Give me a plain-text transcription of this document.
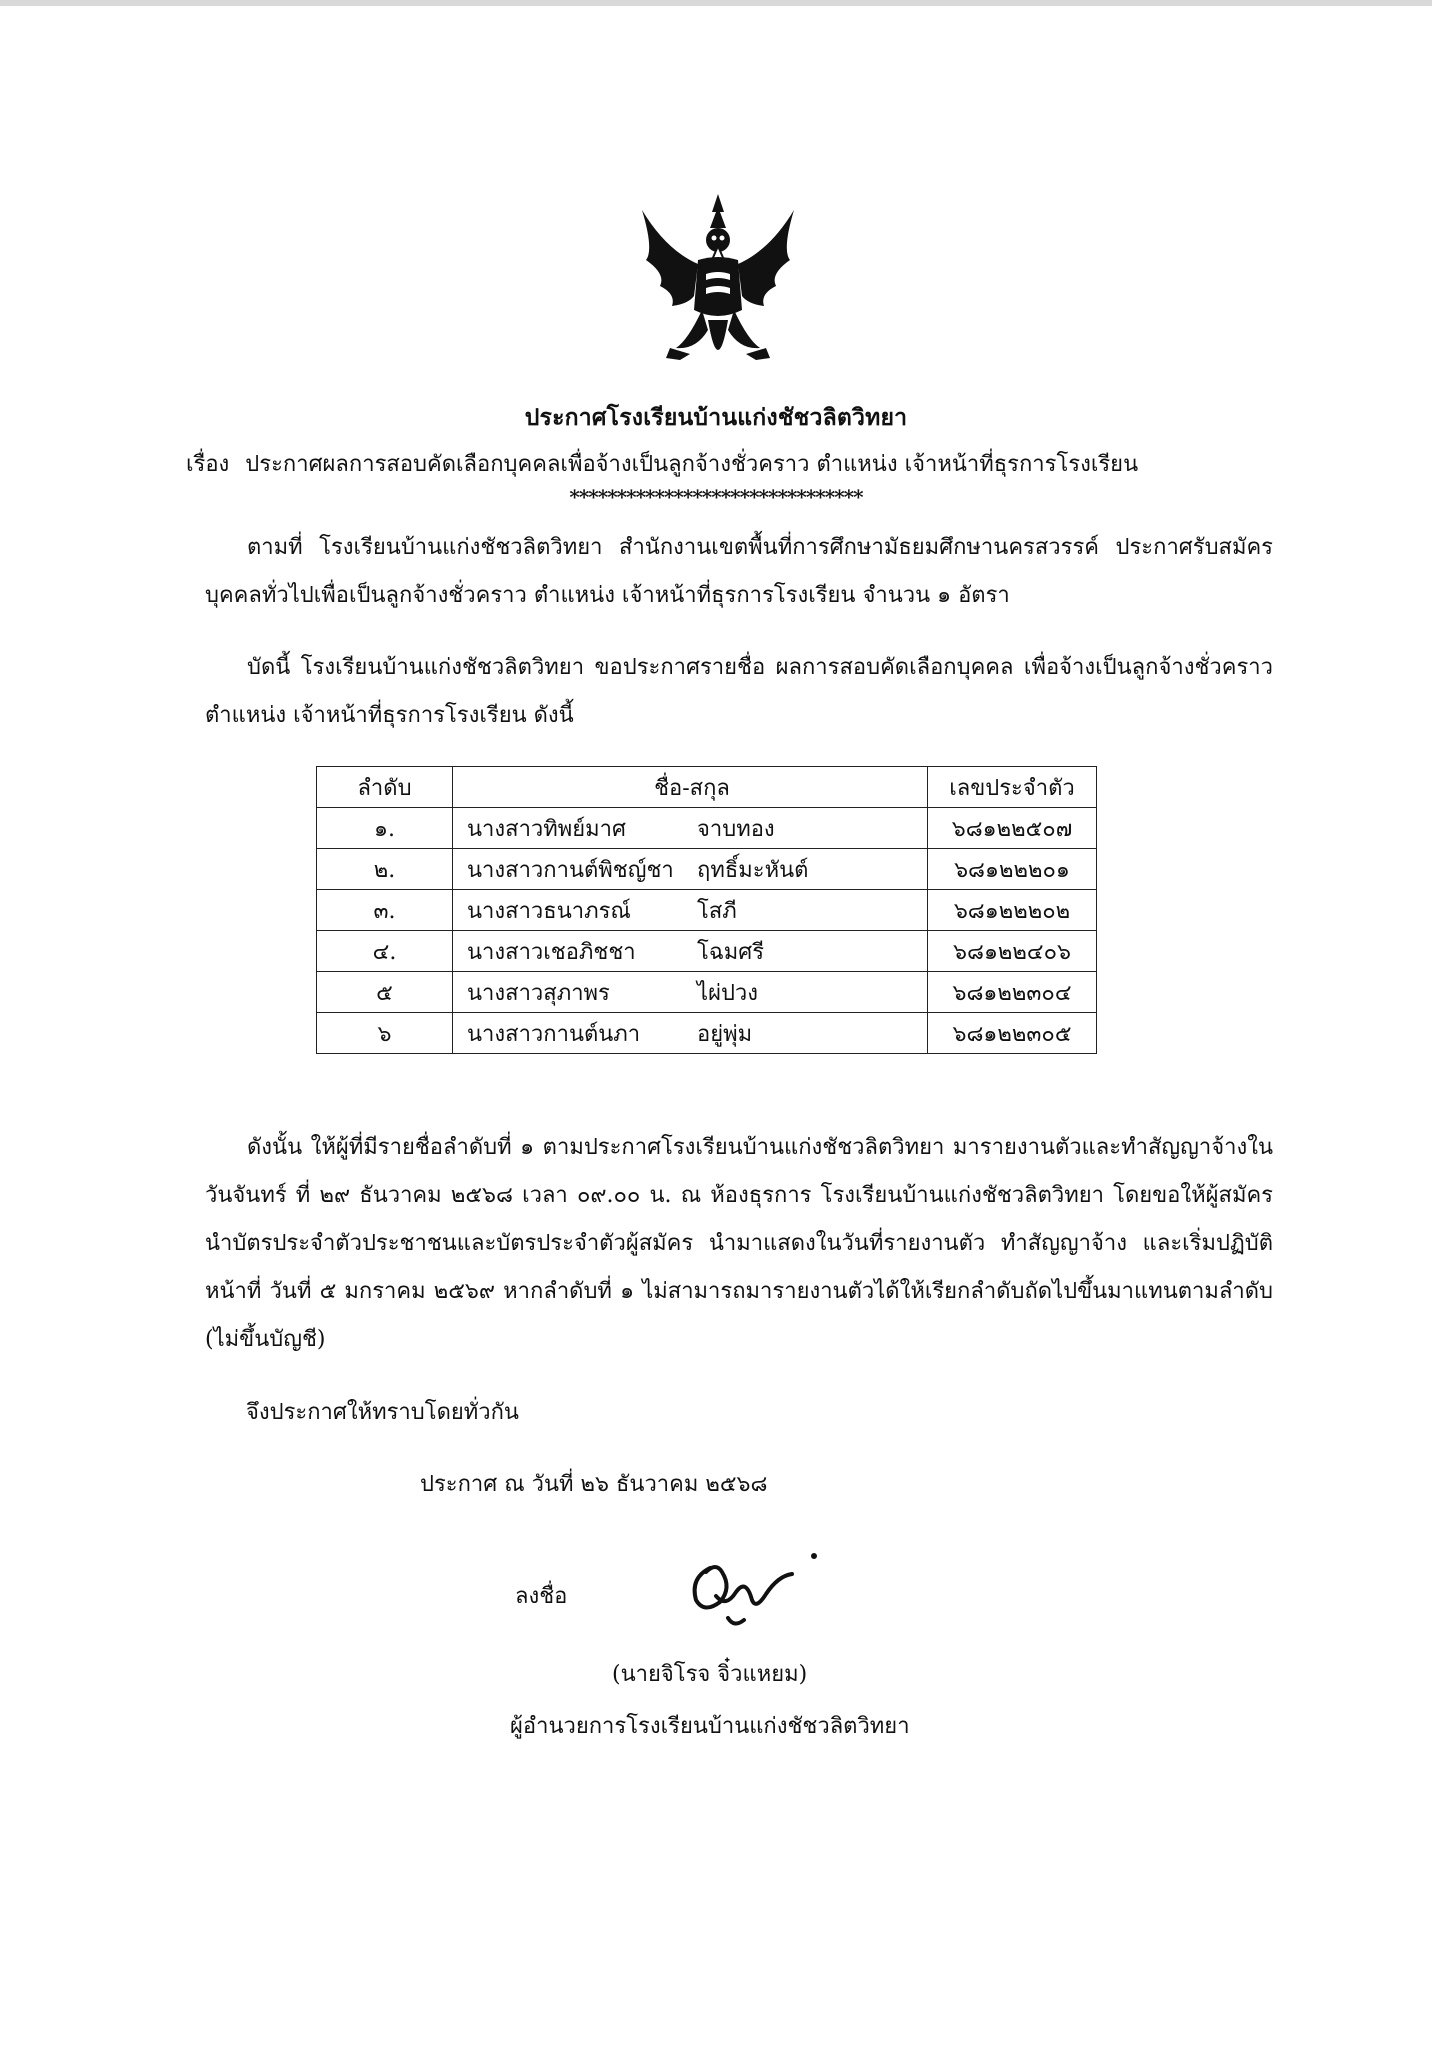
ประกาศโรงเรียนบ้านแก่งชัชวลิตวิทยา
เรื่อง ประกาศผลการสอบคัดเลือกบุคคลเพื่อจ้างเป็นลูกจ้างชั่วคราว ตำแหน่ง เจ้าหน้าที่ธุรการโรงเรียน
*******************************
ตามที่ โรงเรียนบ้านแก่งชัชวลิตวิทยา สำนักงานเขตพื้นที่การศึกษามัธยมศึกษานครสวรรค์ ประกาศรับสมัครบุคคลทั่วไปเพื่อเป็นลูกจ้างชั่วคราว ตำแหน่ง เจ้าหน้าที่ธุรการโรงเรียน จำนวน ๑ อัตรา
บัดนี้ โรงเรียนบ้านแก่งชัชวลิตวิทยา ขอประกาศรายชื่อ ผลการสอบคัดเลือกบุคคล เพื่อจ้างเป็นลูกจ้างชั่วคราว ตำแหน่ง เจ้าหน้าที่ธุรการโรงเรียน ดังนี้
ลำดับ	ชื่อ-สกุล	เลขประจำตัว
๑.	นางสาวทิพย์มาศ จาบทอง	๖๘๑๒๒๕๐๗
๒.	นางสาวกานต์พิชญ์ชา ฤทธิ์มะหันต์	๖๘๑๒๒๒๐๑
๓.	นางสาวธนาภรณ์ โสภี	๖๘๑๒๒๒๐๒
๔.	นางสาวเชอภิชชา โฉมศรี	๖๘๑๒๒๔๐๖
๕	นางสาวสุภาพร ไผ่ปวง	๖๘๑๒๒๓๐๔
๖	นางสาวกานต์นภา อยู่พุ่ม	๖๘๑๒๒๓๐๕
ดังนั้น ให้ผู้ที่มีรายชื่อลำดับที่ ๑ ตามประกาศโรงเรียนบ้านแก่งชัชวลิตวิทยา มารายงานตัวและทำสัญญาจ้างในวันจันทร์ ที่ ๒๙ ธันวาคม ๒๕๖๘ เวลา ๐๙.๐๐ น. ณ ห้องธุรการ โรงเรียนบ้านแก่งชัชวลิตวิทยา โดยขอให้ผู้สมัครนำบัตรประจำตัวประชาชนและบัตรประจำตัวผู้สมัคร นำมาแสดงในวันที่รายงานตัว ทำสัญญาจ้าง และเริ่มปฏิบัติหน้าที่ วันที่ ๕ มกราคม ๒๕๖๙ หากลำดับที่ ๑ ไม่สามารถมารายงานตัวได้ให้เรียกลำดับถัดไปขึ้นมาแทนตามลำดับ (ไม่ขึ้นบัญชี)
จึงประกาศให้ทราบโดยทั่วกัน
ประกาศ ณ วันที่ ๒๖ ธันวาคม ๒๕๖๘
ลงชื่อ
(นายจิโรจ จิ๋วแหยม)
ผู้อำนวยการโรงเรียนบ้านแก่งชัชวลิตวิทยา
